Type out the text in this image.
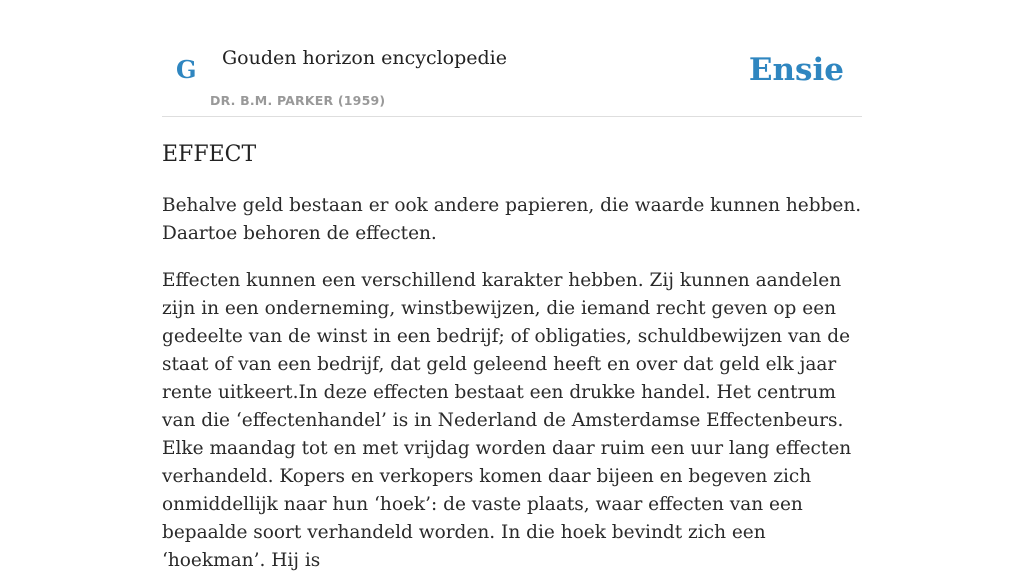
G Gouden horizon encyclopedie
DR. B.M. PARKER (1959)
Ensie
EFFECT

Behalve geld bestaan er ook andere papieren, die waarde kunnen hebben. Daartoe behoren de effecten.

Effecten kunnen een verschillend karakter hebben. Zij kunnen aandelen zijn in een onderneming, winstbewijzen, die iemand recht geven op een gedeelte van de winst in een bedrijf; of obligaties, schuldbewijzen van de staat of van een bedrijf, dat geld geleend heeft en over dat geld elk jaar rente uitkeert.In deze effecten bestaat een drukke handel. Het centrum van die ‘effectenhandel’ is in Nederland de Amsterdamse Effectenbeurs. Elke maandag tot en met vrijdag worden daar ruim een uur lang effecten verhandeld. Kopers en verkopers komen daar bijeen en begeven zich onmiddellijk naar hun ‘hoek’: de vaste plaats, waar effecten van een bepaalde soort verhandeld worden. In die hoek bevindt zich een ‘hoekman’. Hij is
